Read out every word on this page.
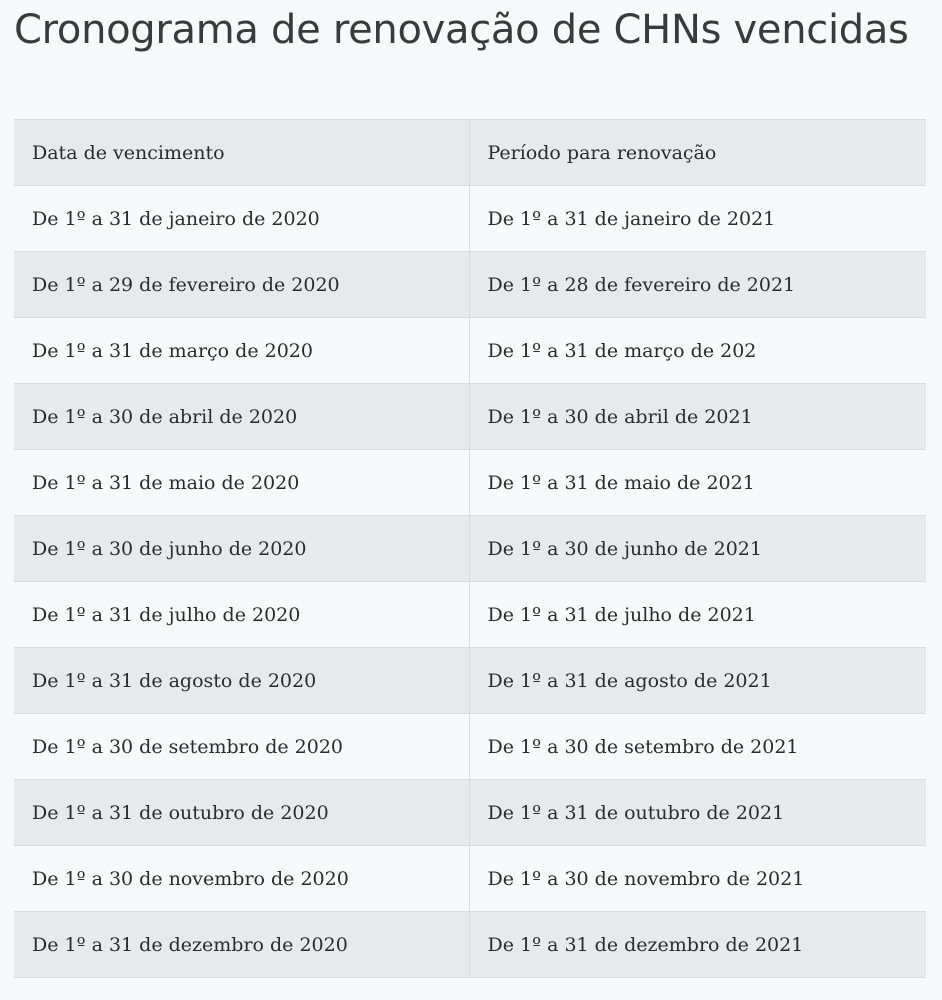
Cronograma de renovação de CHNs vencidas
Data de vencimento	Período para renovação
De 1º a 31 de janeiro de 2020	De 1º a 31 de janeiro de 2021
De 1º a 29 de fevereiro de 2020	De 1º a 28 de fevereiro de 2021
De 1º a 31 de março de 2020	De 1º a 31 de março de 202
De 1º a 30 de abril de 2020	De 1º a 30 de abril de 2021
De 1º a 31 de maio de 2020	De 1º a 31 de maio de 2021
De 1º a 30 de junho de 2020	De 1º a 30 de junho de 2021
De 1º a 31 de julho de 2020	De 1º a 31 de julho de 2021
De 1º a 31 de agosto de 2020	De 1º a 31 de agosto de 2021
De 1º a 30 de setembro de 2020	De 1º a 30 de setembro de 2021
De 1º a 31 de outubro de 2020	De 1º a 31 de outubro de 2021
De 1º a 30 de novembro de 2020	De 1º a 30 de novembro de 2021
De 1º a 31 de dezembro de 2020	De 1º a 31 de dezembro de 2021
